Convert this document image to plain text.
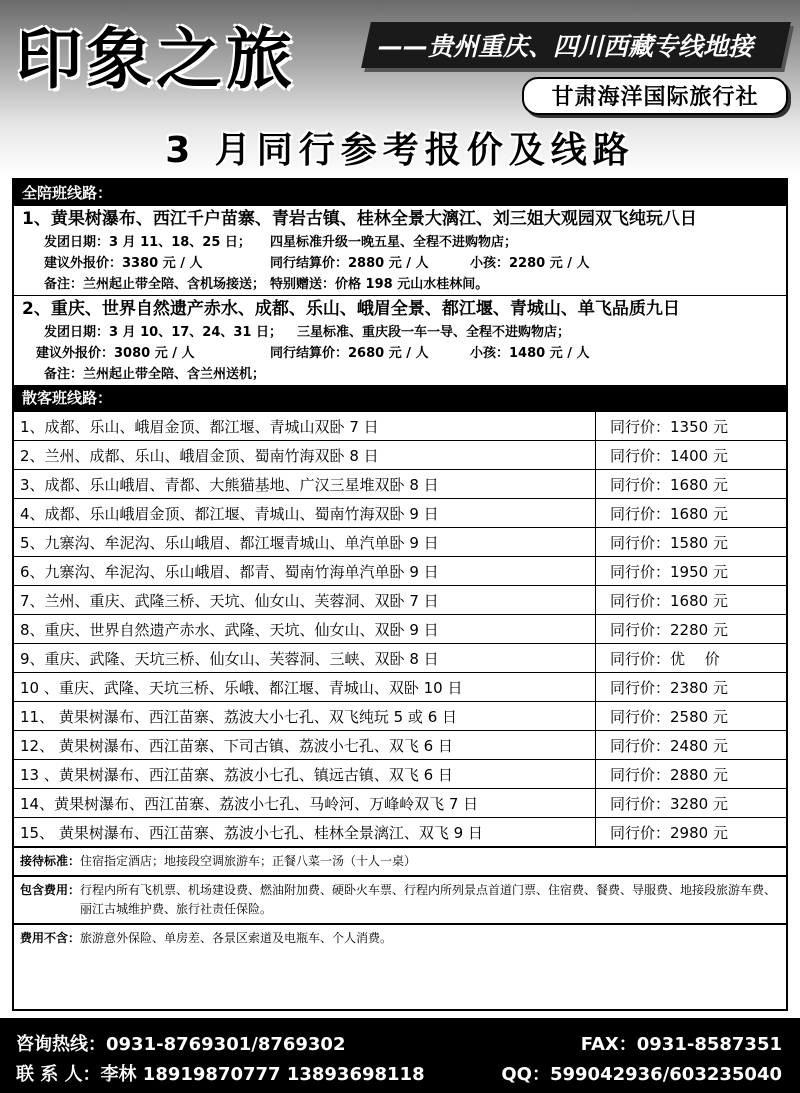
印象之旅	——贵州重庆、四川西藏专线地接
甘肃海洋国际旅行社
3 月同行参考报价及线路
全陪班线路：
1、黄果树瀑布、西江千户苗寨、青岩古镇、桂林全景大漓江、刘三姐大观园双飞纯玩八日
发团日期：3 月 11、18、25 日； 四星标准升级一晚五星、全程不进购物店；
建议外报价：3380 元 / 人	同行结算价：2880 元 / 人	小孩：2280 元 / 人
备注：兰州起止带全陪、含机场接送； 特别赠送：价格 198 元山水桂林间。
2、重庆、世界自然遗产赤水、成都、乐山、峨眉全景、都江堰、青城山、单飞品质九日
发团日期：3 月 10、17、24、31 日； 三星标准、重庆段一车一导、全程不进购物店；
建议外报价：3080 元 / 人	同行结算价：2680 元 / 人	小孩：1480 元 / 人
备注：兰州起止带全陪、含兰州送机；
散客班线路：
1、成都、乐山、峨眉金顶、都江堰、青城山双卧 7 日	同行价：1350 元
2、兰州、成都、乐山、峨眉金顶、蜀南竹海双卧 8 日	同行价：1400 元
3、成都、乐山峨眉、青都、大熊猫基地、广汉三星堆双卧 8 日	同行价：1680 元
4、成都、乐山峨眉金顶、都江堰、青城山、蜀南竹海双卧 9 日	同行价：1680 元
5、九寨沟、牟泥沟、乐山峨眉、都江堰青城山、单汽单卧 9 日	同行价：1580 元
6、九寨沟、牟泥沟、乐山峨眉、都青、蜀南竹海单汽单卧 9 日	同行价：1950 元
7、兰州、重庆、武隆三桥、天坑、仙女山、芙蓉洞、双卧 7 日	同行价：1680 元
8、重庆、世界自然遗产赤水、武隆、天坑、仙女山、双卧 9 日	同行价：2280 元
9、重庆、武隆、天坑三桥、仙女山、芙蓉洞、三峡、双卧 8 日	同行价：优　 价
10 、重庆、武隆、天坑三桥、乐峨、都江堰、青城山、双卧 10 日	同行价：2380 元
11、 黄果树瀑布、西江苗寨、荔波大小七孔、双飞纯玩 5 或 6 日	同行价：2580 元
12、 黄果树瀑布、西江苗寨、下司古镇、荔波小七孔、双飞 6 日	同行价：2480 元
13 、黄果树瀑布、西江苗寨、荔波小七孔、镇远古镇、双飞 6 日	同行价：2880 元
14、黄果树瀑布、西江苗寨、荔波小七孔、马岭河、万峰岭双飞 7 日	同行价：3280 元
15、 黄果树瀑布、西江苗寨、荔波小七孔、桂林全景漓江、双飞 9 日	同行价：2980 元
接待标准： 住宿指定酒店；地接段空调旅游车；正餐八菜一汤（十人一桌）
包含费用： 行程内所有飞机票、机场建设费、燃油附加费、硬卧火车票、行程内所列景点首道门票、住宿费、餐费、导服费、地接段旅游车费、丽江古城维护费、旅行社责任保险。
费用不含： 旅游意外保险、单房差、各景区索道及电瓶车、个人消费。
咨询热线：0931-8769301/8769302	FAX：0931-8587351
联 系 人：李林 18919870777 13893698118	QQ：599042936/603235040
